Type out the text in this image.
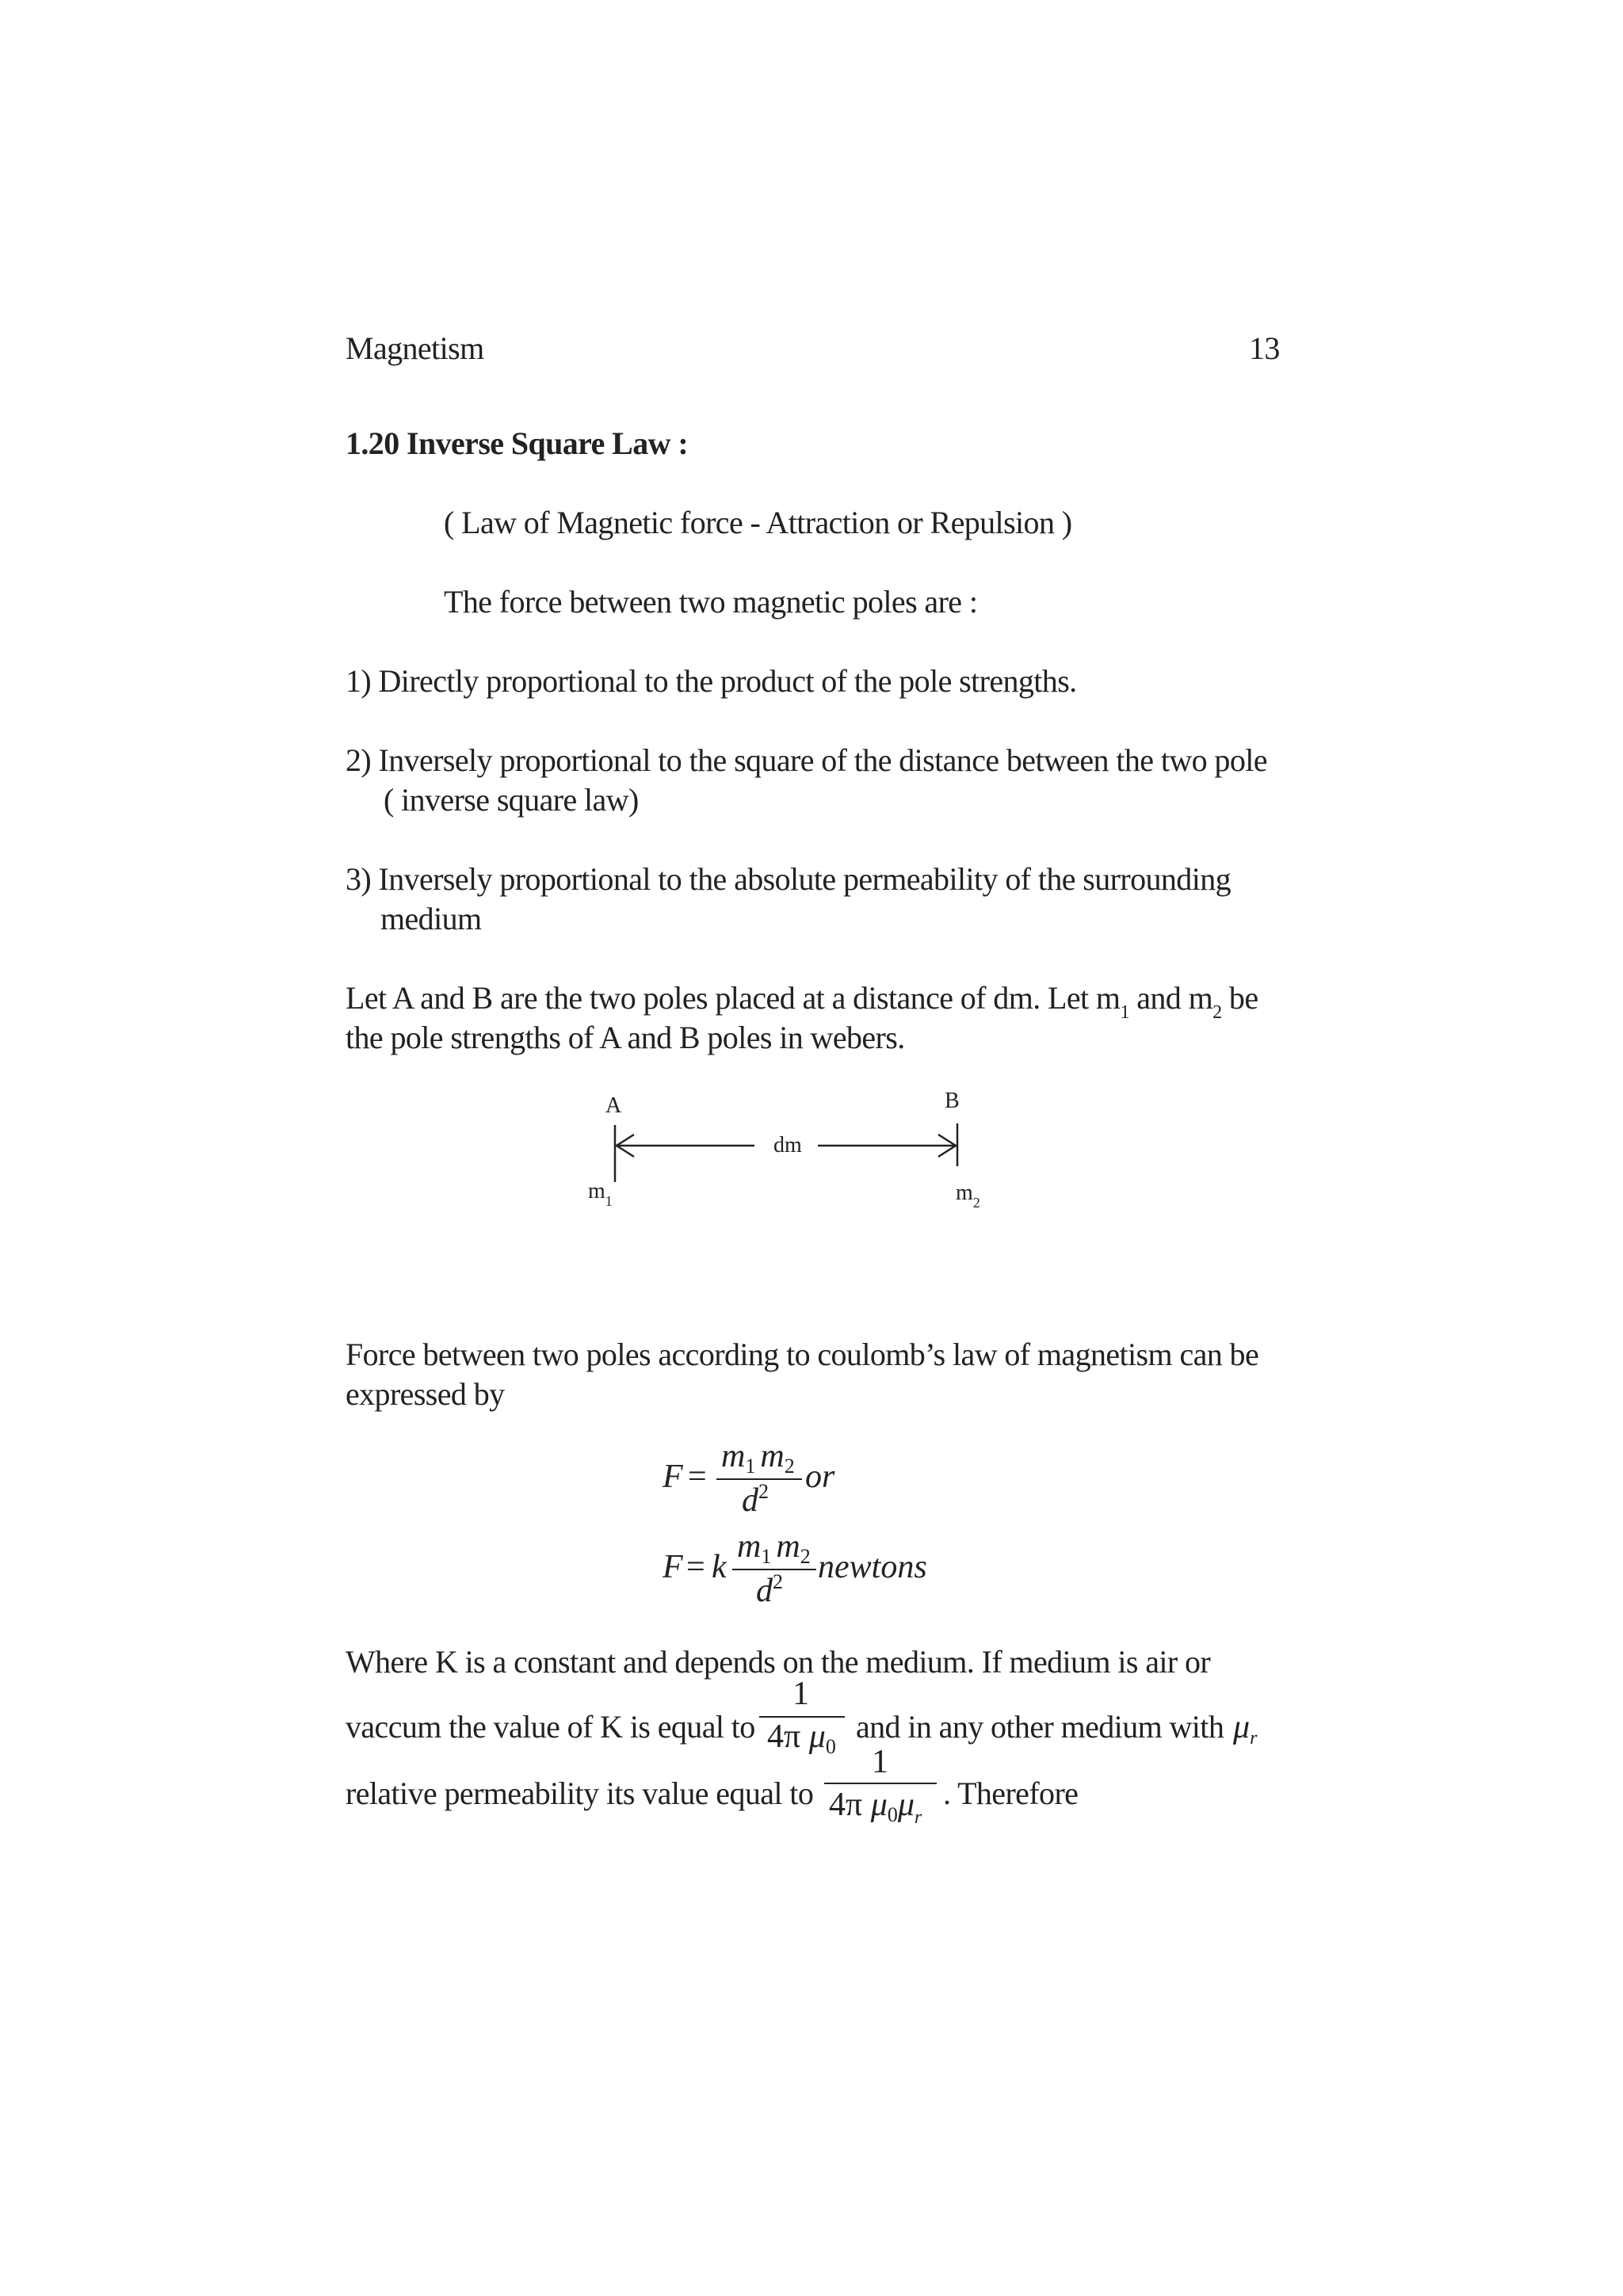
Magnetism	13
1.20 Inverse Square Law :
( Law of Magnetic force - Attraction or Repulsion )
The force between two magnetic poles are :
1) Directly proportional to the product of the pole strengths.
2) Inversely proportional to the square of the distance between the two pole
( inverse square law)
3) Inversely proportional to the absolute permeability of the surrounding
medium
Let A and B are the two poles placed at a distance of dm. Let $m_1$ and $m_2$ be
the pole strengths of A and B poles in webers.
A	B
dm
$m_1$	$m_2$
Force between two poles according to coulomb’s law of magnetism can be
expressed by
F =
m1 m2
$d^2$ or
F = k
m1 m2
$d^2$ newtons
Where K is a constant and depends on the medium. If medium is air or
vaccum the value of K is equal to
1
4π μ0
and in any other medium with μr
relative permeability its value equal to
1
4π $\mu 0\mu_r$
. Therefore
